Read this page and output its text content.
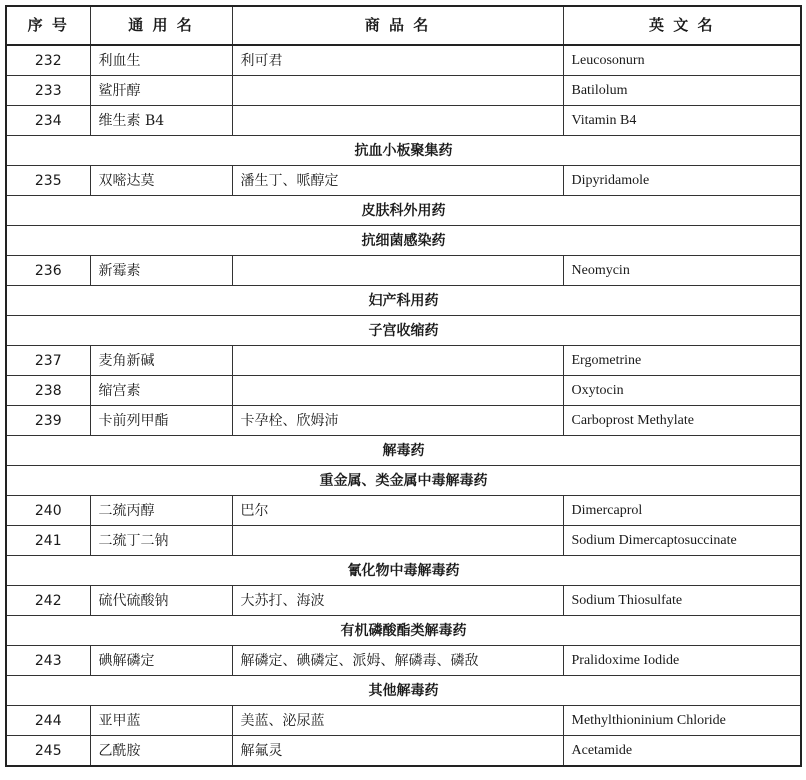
序 号	通 用 名	商 品 名	英 文 名
232	利血生	利可君	Leucosonurn
233	鲨肝醇		Batilolum
234	维生素 B4		Vitamin B4
抗血小板聚集药			
235	双嘧达莫	潘生丁、哌醇定	Dipyridamole
皮肤科外用药			
抗细菌感染药			
236	新霉素		Neomycin
妇产科用药			
子宫收缩药			
237	麦角新碱		Ergometrine
238	缩宫素		Oxytocin
239	卡前列甲酯	卡孕栓、欣姆沛	Carboprost Methylate
解毒药			
重金属、类金属中毒解毒药			
240	二巯丙醇	巴尔	Dimercaprol
241	二巯丁二钠		Sodium Dimercaptosuccinate
氰化物中毒解毒药			
242	硫代硫酸钠	大苏打、海波	Sodium Thiosulfate
有机磷酸酯类解毒药			
243	碘解磷定	解磷定、碘磷定、派姆、解磷毒、磷敌	Pralidoxime Iodide
其他解毒药			
244	亚甲蓝	美蓝、泌尿蓝	Methylthioninium Chloride
245	乙酰胺	解氟灵	Acetamide
